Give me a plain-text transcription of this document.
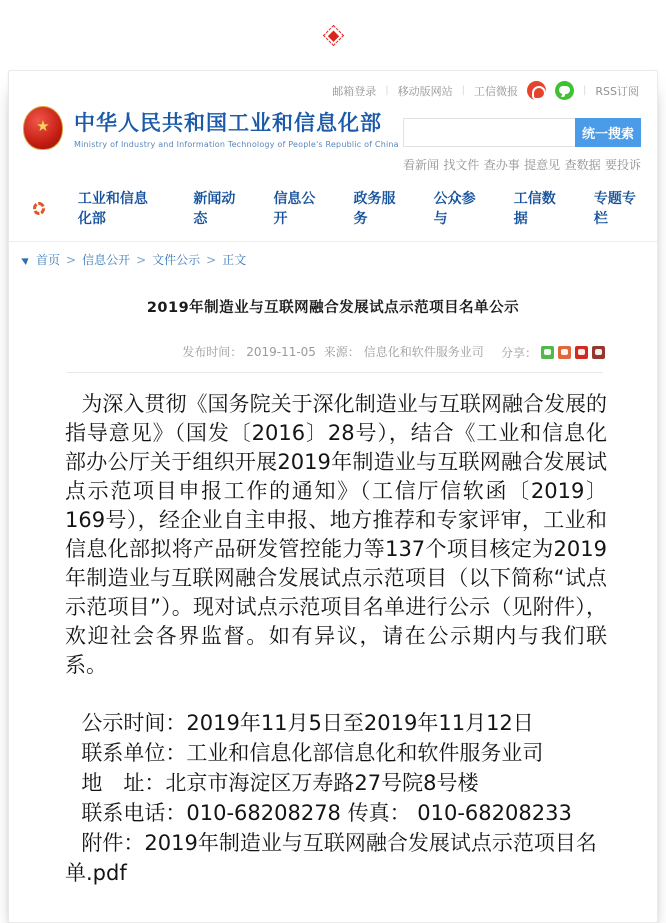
邮箱登录 | 移动版网站 | 工信微报	| RSS订阅
★ 中华人民共和国工业和信息化部
Ministry of Industry and Information Technology of People's Republic of China
统一搜索
看新闻 找文件 查办事 提意见 查数据 要投诉
工业和信息化部
新闻动态
信息公开
政务服务
公众参与
工信数据
专题专栏
首页 > 信息公开 > 文件公示 > 正文
2019年制造业与互联网融合发展试点示范项目名单公示
发布时间： 2019-11-05 来源： 信息化和软件服务业司 分享：

为深入贯彻《国务院关于深化制造业与互联网融合发展的指导意见》（国发〔2016〕28号），结合《工业和信息化部办公厅关于组织开展2019年制造业与互联网融合发展试点示范项目申报工作的通知》（工信厅信软函〔2019〕169号），经企业自主申报、地方推荐和专家评审，工业和信息化部拟将产品研发管控能力等137个项目核定为2019年制造业与互联网融合发展试点示范项目（以下简称“试点示范项目”）。现对试点示范项目名单进行公示（见附件），欢迎社会各界监督。如有异议，请在公示期内与我们联系。

公示时间：2019年11月5日至2019年11月12日

联系单位：工业和信息化部信息化和软件服务业司

地　址：北京市海淀区万寿路27号院8号楼

联系电话：010-68208278 传真： 010-68208233

附件：2019年制造业与互联网融合发展试点示范项目名单.pdf
